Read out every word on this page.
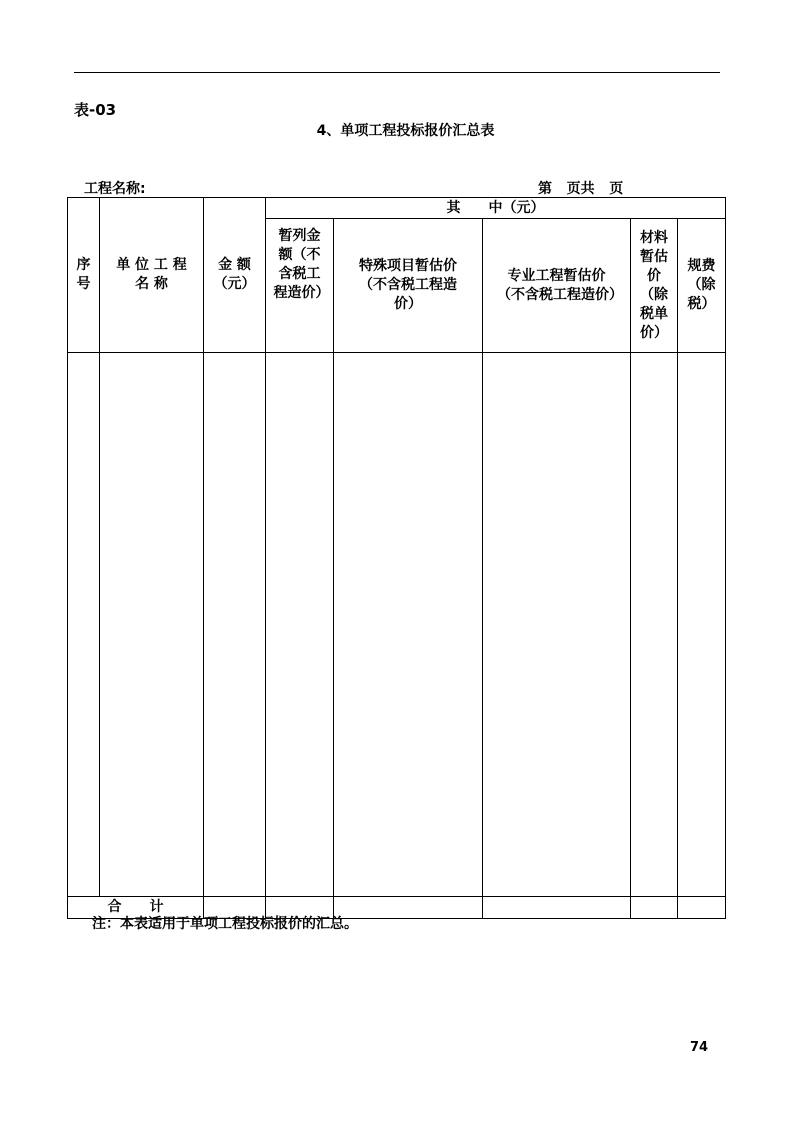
表-03
4、单项工程投标报价汇总表
工程名称:	第   页共   页
序号	单 位 工 程 名 称	金 额（元）	其　　中（元）				
			暂列金额（不含税工程造价）	特殊项目暂估价（不含税工程造价）	专业工程暂估价（不含税工程造价）	材料暂估价（除税单价）	规费（除税）

合　　计							
注：本表适用于单项工程投标报价的汇总。
74
